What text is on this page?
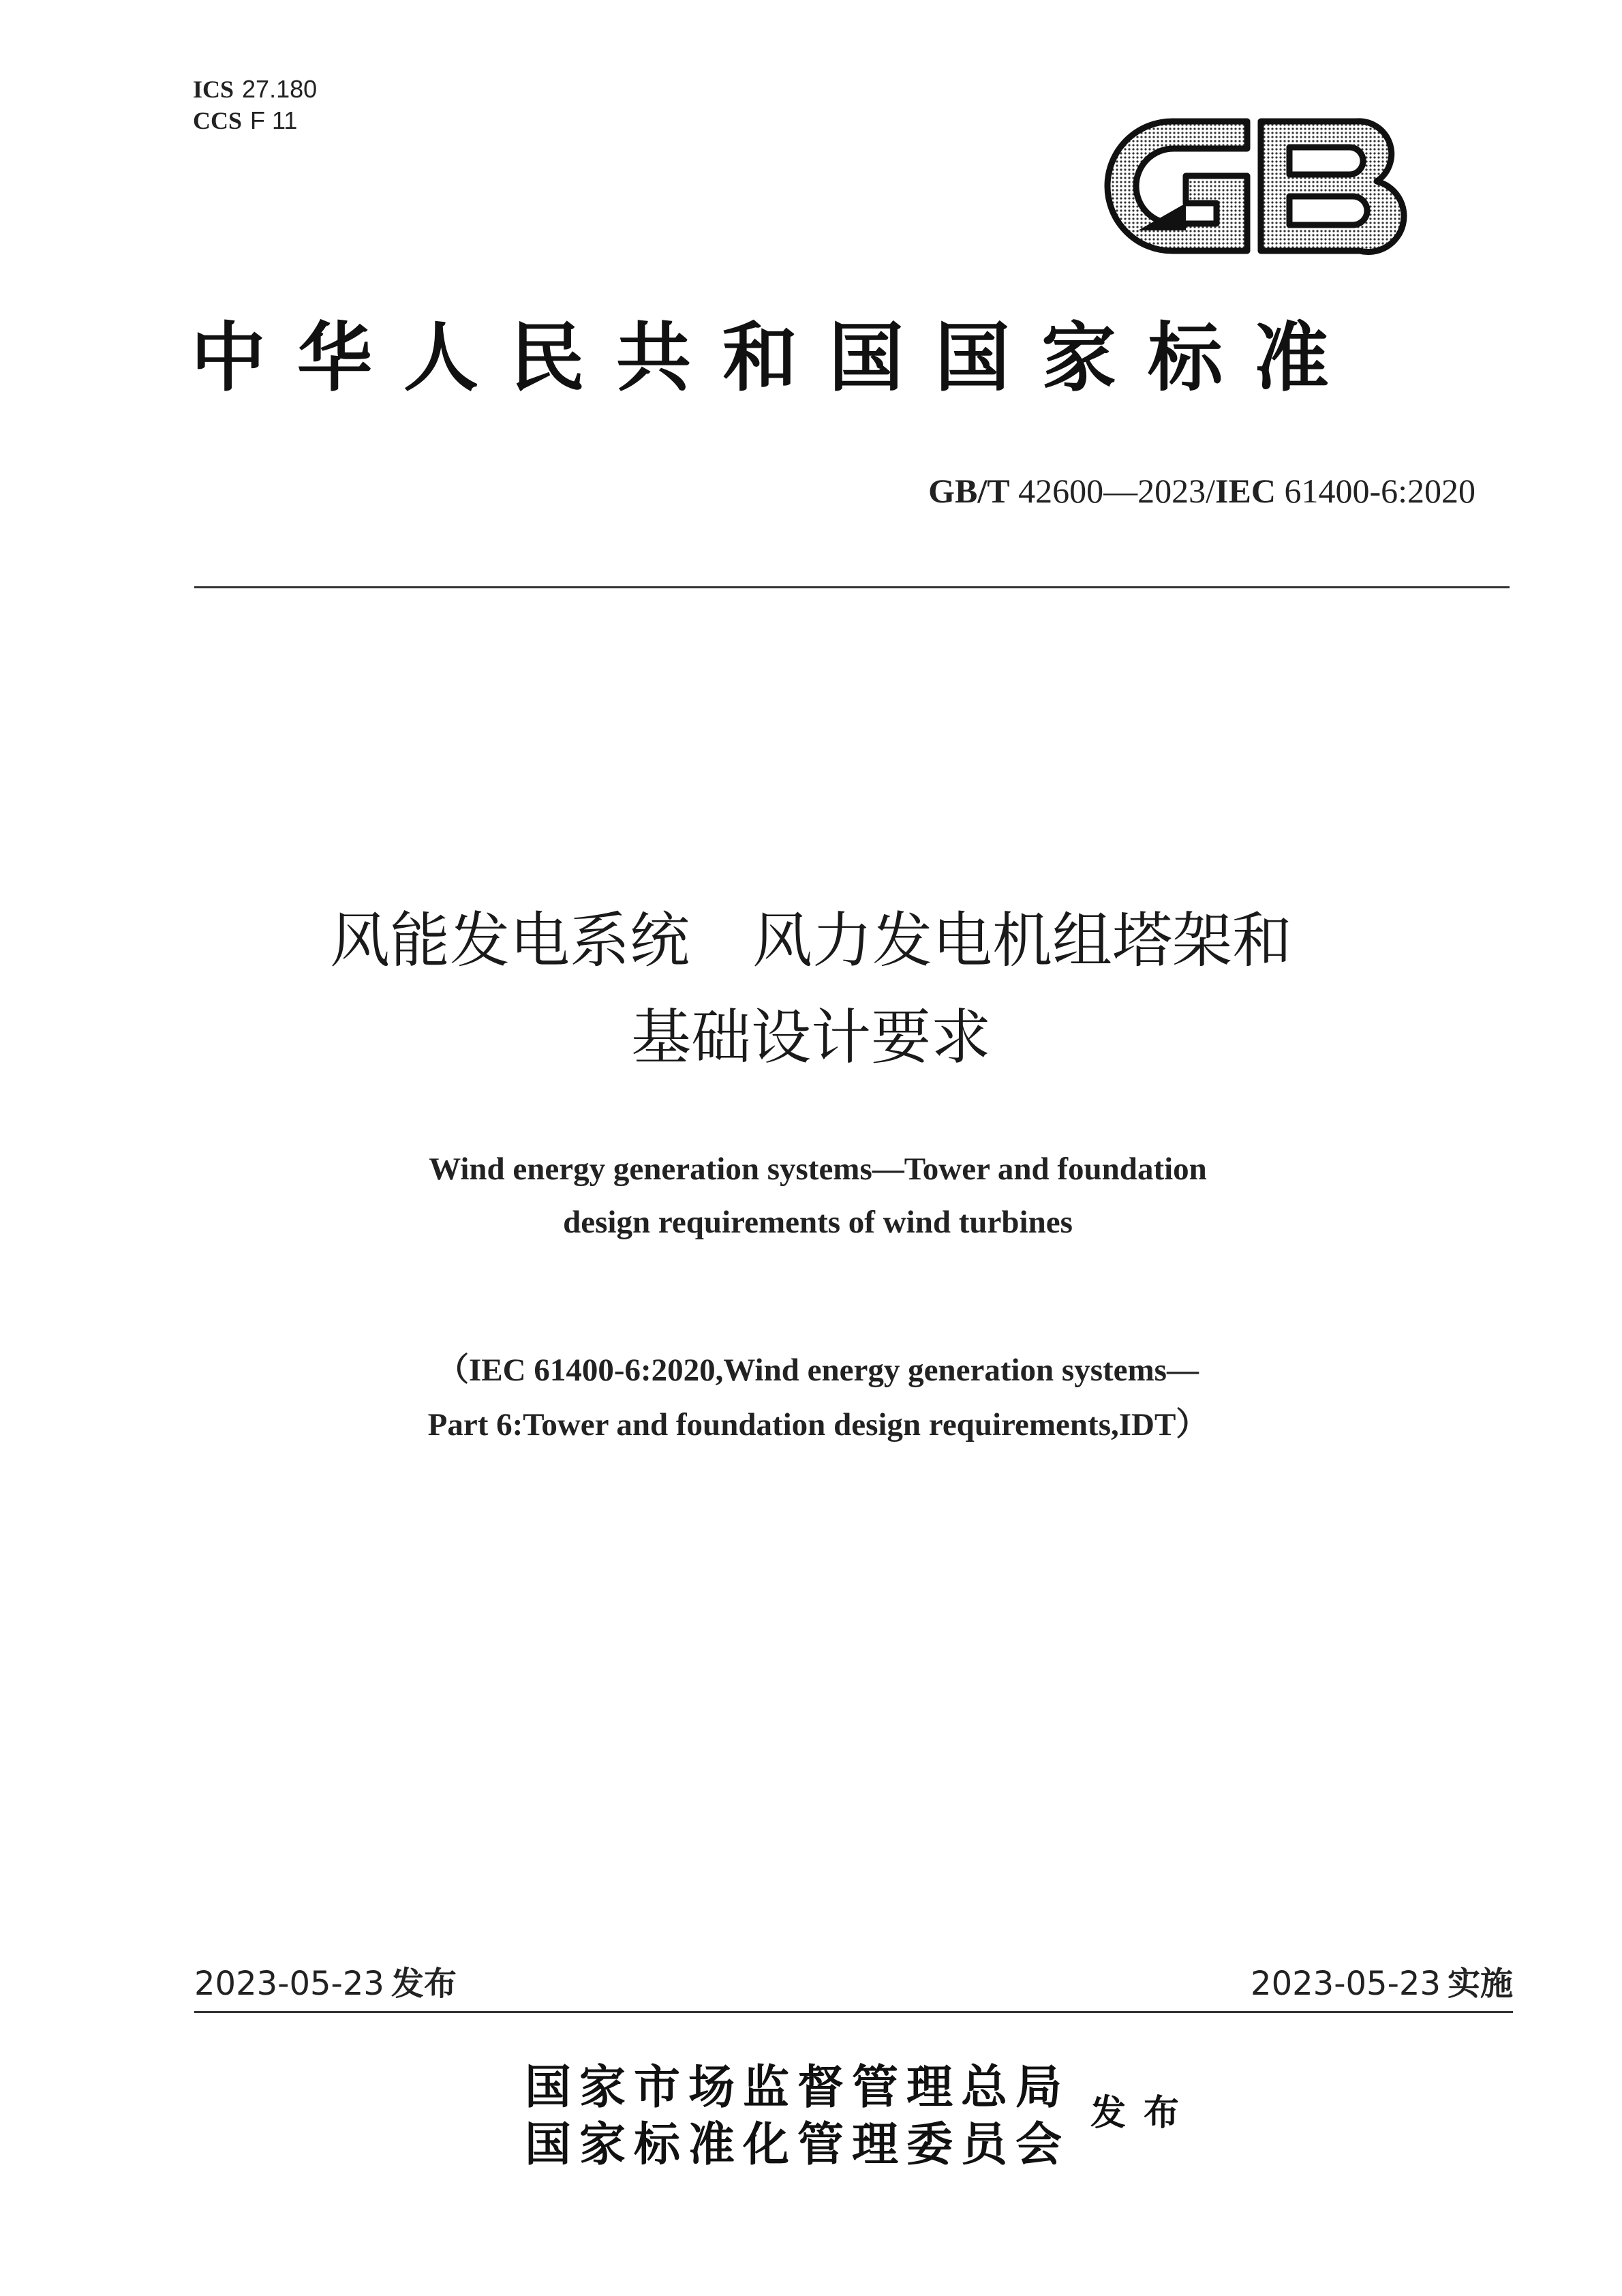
ICS 27.180
CCS F 11
中华人民共和国国家标准
GB/T 42600—2023/IEC 61400-6:2020
风能发电系统 风力发电机组塔架和
基础设计要求
Wind energy generation systems—Tower and foundation
design requirements of wind turbines
（IEC 61400-6:2020,Wind energy generation systems—
Part 6:Tower and foundation design requirements,IDT）
2023-05-23 发布	2023-05-23 实施
国家市场监督管理总局
国家标准化管理委员会
发布
